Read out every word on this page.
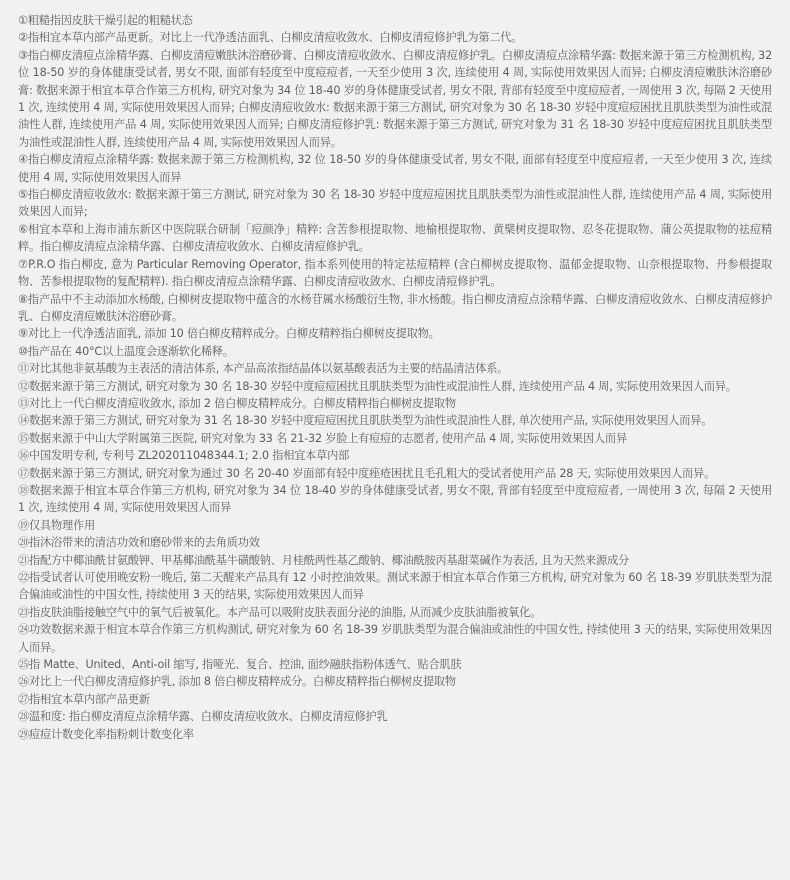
①粗糙指因皮肤干燥引起的粗糙状态

②指相宜本草内部产品更新。对比上一代净透洁面乳、白柳皮清痘收敛水、白柳皮清痘修护乳为第二代。

③指白柳皮清痘点涂精华露、白柳皮清痘嫩肤沐浴磨砂膏、白柳皮清痘收敛水、白柳皮清痘修护乳。白柳皮清痘点涂精华露: 数据来源于第三方检测机构, 32 位 18-50 岁的身体健康受试者, 男女不限, 面部有轻度至中度痘痘者, 一天至少使用 3 次, 连续使用 4 周, 实际使用效果因人而异; 白柳皮清痘嫩肤沐浴磨砂膏: 数据来源于相宜本草合作第三方机构, 研究对象为 34 位 18-40 岁的身体健康受试者, 男女不限, 背部有轻度至中度痘痘者, 一周使用 3 次, 每隔 2 天使用 1 次, 连续使用 4 周, 实际使用效果因人而异; 白柳皮清痘收敛水: 数据来源于第三方测试, 研究对象为 30 名 18-30 岁轻中度痘痘困扰且肌肤类型为油性或混油性人群, 连续使用产品 4 周, 实际使用效果因人而异; 白柳皮清痘修护乳: 数据来源于第三方测试, 研究对象为 31 名 18-30 岁轻中度痘痘困扰且肌肤类型为油性或混油性人群, 连续使用产品 4 周, 实际使用效果因人而异。

④指白柳皮清痘点涂精华露: 数据来源于第三方检测机构, 32 位 18-50 岁的身体健康受试者, 男女不限, 面部有轻度至中度痘痘者, 一天至少使用 3 次, 连续使用 4 周, 实际使用效果因人而异

⑤指白柳皮清痘收敛水: 数据来源于第三方测试, 研究对象为 30 名 18-30 岁轻中度痘痘困扰且肌肤类型为油性或混油性人群, 连续使用产品 4 周, 实际使用效果因人而异;

⑥相宜本草和上海市浦东新区中医院联合研制「痘颜净」精粹: 含苦参根提取物、地榆根提取物、黄檗树皮提取物、忍冬花提取物、蒲公英提取物的祛痘精粹。指白柳皮清痘点涂精华露、白柳皮清痘收敛水、白柳皮清痘修护乳。

⑦P.R.O 指白柳皮, 意为 Particular Removing Operator, 指本系列使用的特定祛痘精粹 (含白柳树皮提取物、温郁金提取物、山奈根提取物、丹参根提取物、苦参根提取物的复配精粹). 指白柳皮清痘点涂精华露、白柳皮清痘收敛水、白柳皮清痘修护乳。

⑧指产品中不主动添加水杨酸, 白柳树皮提取物中蕴含的水杨苷属水杨酸衍生物, 非水杨酸。指白柳皮清痘点涂精华露、白柳皮清痘收敛水、白柳皮清痘修护乳、白柳皮清痘嫩肤沐浴磨砂膏。

⑨对比上一代净透洁面乳, 添加 10 倍白柳皮精粹成分。白柳皮精粹指白柳树皮提取物。

⑩指产品在 40°C以上温度会逐渐软化稀释。

⑪对比其他非氨基酸为主表活的清洁体系, 本产品高浓指结晶体以氨基酸表活为主要的结晶清洁体系。

⑫数据来源于第三方测试, 研究对象为 30 名 18-30 岁轻中度痘痘困扰且肌肤类型为油性或混油性人群, 连续使用产品 4 周, 实际使用效果因人而异。

⑬对比上一代白柳皮清痘收敛水, 添加 2 倍白柳皮精粹成分。白柳皮精粹指白柳树皮提取物

⑭数据来源于第三方测试, 研究对象为 31 名 18-30 岁轻中度痘痘困扰且肌肤类型为油性或混油性人群, 单次使用产品, 实际使用效果因人而异。

⑮数据来源于中山大学附属第三医院, 研究对象为 33 名 21-32 岁脸上有痘痘的志愿者, 使用产品 4 周, 实际使用效果因人而异

⑯中国发明专利, 专利号 ZL202011048344.1; 2.0 指相宜本草内部

⑰数据来源于第三方测试, 研究对象为通过 30 名 20-40 岁面部有轻中度痤疮困扰且毛孔粗大的受试者使用产品 28 天, 实际使用效果因人而异。

⑱数据来源于相宜本草合作第三方机构, 研究对象为 34 位 18-40 岁的身体健康受试者, 男女不限, 背部有轻度至中度痘痘者, 一周使用 3 次, 每隔 2 天使用 1 次, 连续使用 4 周, 实际使用效果因人而异

⑲仅具物理作用

⑳指沐浴带来的清洁功效和磨砂带来的去角质功效

㉑指配方中椰油酰甘氨酸钾、甲基椰油酰基牛磺酸钠、月桂酰两性基乙酸钠、椰油酰胺丙基甜菜碱作为表活, 且为天然来源成分

㉒指受试者认可使用晚安粉一晚后, 第二天醒来产品具有 12 小时控油效果。测试来源于相宜本草合作第三方机构, 研究对象为 60 名 18-39 岁肌肤类型为混合偏油或油性的中国女性, 持续使用 3 天的结果, 实际使用效果因人而异

㉓指皮肤油脂接触空气中的氧气后被氧化。本产品可以吸附皮肤表面分泌的油脂, 从而减少皮肤油脂被氧化。

㉔功效数据来源于相宜本草合作第三方机构测试, 研究对象为 60 名 18-39 岁肌肤类型为混合偏油或油性的中国女性, 持续使用 3 天的结果, 实际使用效果因人而异。

㉕指 Matte、United、Anti-oil 缩写, 指哑光、复合、控油, 面纱融肤指粉体透气、贴合肌肤

㉖对比上一代白柳皮清痘修护乳, 添加 8 倍白柳皮精粹成分。白柳皮精粹指白柳树皮提取物

㉗指相宜本草内部产品更新

㉘温和度: 指白柳皮清痘点涂精华露、白柳皮清痘收敛水、白柳皮清痘修护乳

㉙痘痘计数变化率指粉刺计数变化率
